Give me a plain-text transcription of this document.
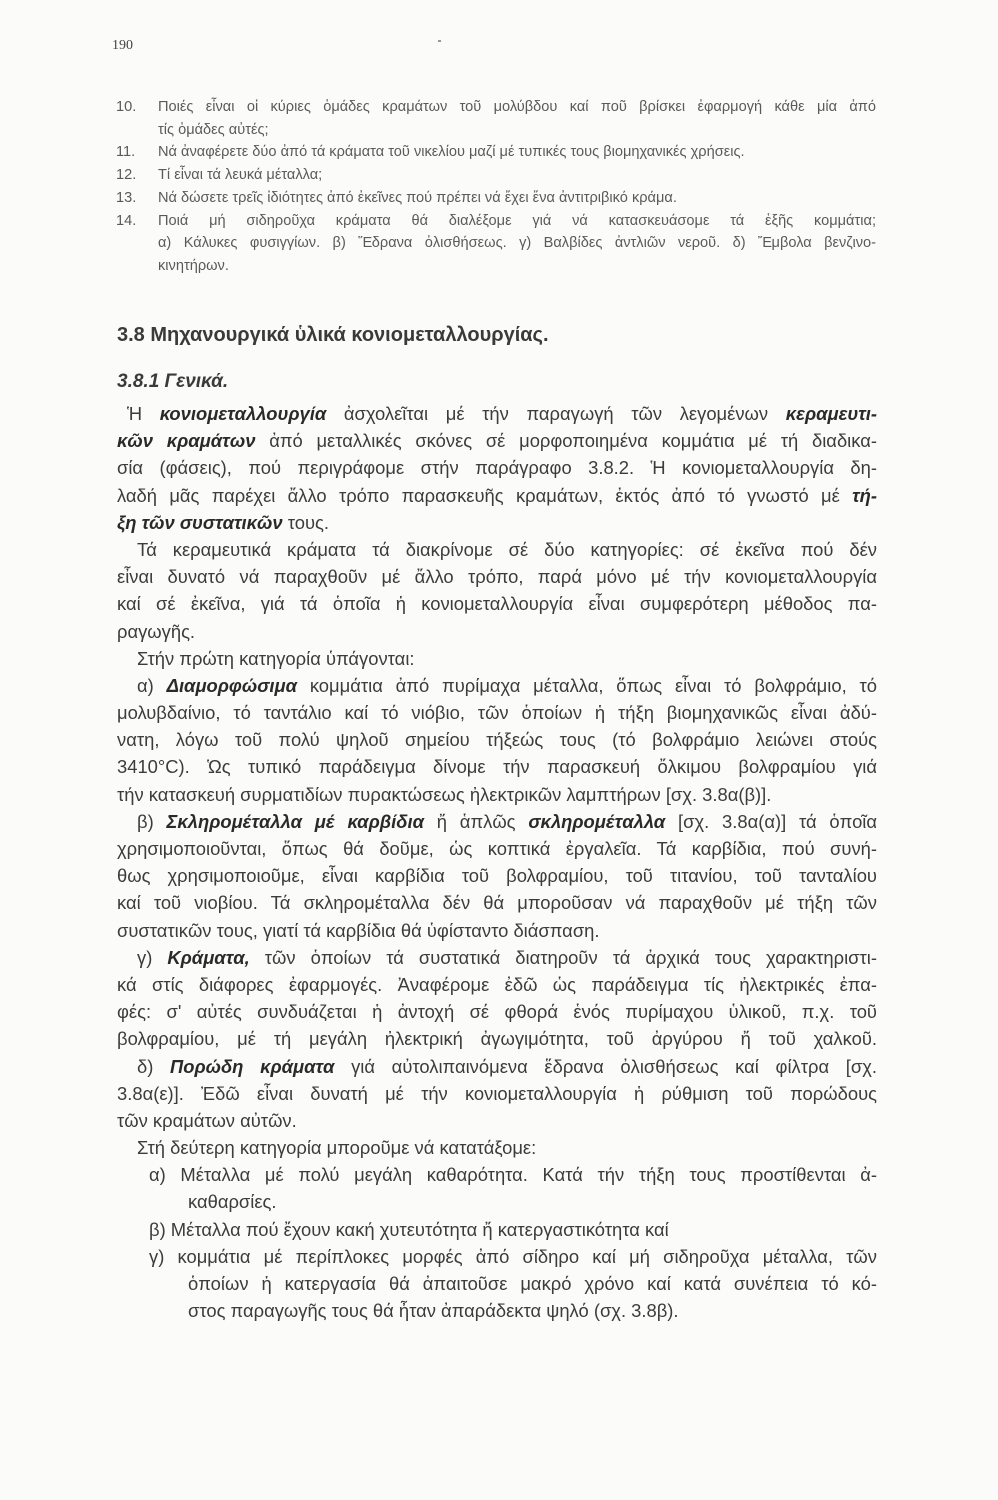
190
10. Ποιές εἶναι οἱ κύριες ὁμάδες κραμάτων τοῦ μολύβδου καί ποῦ βρίσκει ἐφαρμογή κάθε μία ἀπό
τίς ὁμάδες αὐτές;
11. Νά ἀναφέρετε δύο ἀπό τά κράματα τοῦ νικελίου μαζί μέ τυπικές τους βιομηχανικές χρήσεις.
12. Τί εἶναι τά λευκά μέταλλα;
13. Νά δώσετε τρεῖς ἰδιότητες ἀπό ἐκεῖνες πού πρέπει νά ἔχει ἕνα ἀντιτριβικό κράμα.
14. Ποιά μή σιδηροῦχα κράματα θά διαλέξομε γιά νά κατασκευάσομε τά ἑξῆς κομμάτια;
α) Κάλυκες φυσιγγίων. β) Ἕδρανα ὀλισθήσεως. γ) Βαλβίδες ἀντλιῶν νεροῦ. δ) Ἔμβολα βενζινο-
κινητήρων.
3.8 Μηχανουργικά ὑλικά κονιομεταλλουργίας.
3.8.1 Γενικά.
Ἡ κονιομεταλλουργία ἀσχολεῖται μέ τήν παραγωγή τῶν λεγομένων κεραμευτι-
κῶν κραμάτων ἀπό μεταλλικές σκόνες σέ μορφοποιημένα κομμάτια μέ τή διαδικα-
σία (φάσεις), πού περιγράφομε στήν παράγραφο 3.8.2. Ἡ κονιομεταλλουργία δη-
λαδή μᾶς παρέχει ἄλλο τρόπο παρασκευῆς κραμάτων, ἐκτός ἀπό τό γνωστό μέ τή-
ξη τῶν συστατικῶν τους.
Τά κεραμευτικά κράματα τά διακρίνομε σέ δύο κατηγορίες: σέ ἐκεῖνα πού δέν
εἶναι δυνατό νά παραχθοῦν μέ ἄλλο τρόπο, παρά μόνο μέ τήν κονιομεταλλουργία
καί σέ ἐκεῖνα, γιά τά ὁποῖα ἡ κονιομεταλλουργία εἶναι συμφερότερη μέθοδος πα-
ραγωγῆς.
Στήν πρώτη κατηγορία ὑπάγονται:
α) Διαμορφώσιμα κομμάτια ἀπό πυρίμαχα μέταλλα, ὅπως εἶναι τό βολφράμιο, τό
μολυβδαίνιο, τό ταντάλιο καί τό νιόβιο, τῶν ὁποίων ἡ τήξη βιομηχανικῶς εἶναι ἀδύ-
νατη, λόγω τοῦ πολύ ψηλοῦ σημείου τήξεώς τους (τό βολφράμιο λειώνει στούς
3410°C). Ὡς τυπικό παράδειγμα δίνομε τήν παρασκευή ὄλκιμου βολφραμίου γιά
τήν κατασκευή συρματιδίων πυρακτώσεως ἠλεκτρικῶν λαμπτήρων [σχ. 3.8α(β)].
β) Σκληρομέταλλα μέ καρβίδια ἤ ἁπλῶς σκληρομέταλλα [σχ. 3.8α(α)] τά ὁποῖα
χρησιμοποιοῦνται, ὅπως θά δοῦμε, ὡς κοπτικά ἐργαλεῖα. Τά καρβίδια, πού συνή-
θως χρησιμοποιοῦμε, εἶναι καρβίδια τοῦ βολφραμίου, τοῦ τιτανίου, τοῦ τανταλίου
καί τοῦ νιοβίου. Τά σκληρομέταλλα δέν θά μποροῦσαν νά παραχθοῦν μέ τήξη τῶν
συστατικῶν τους, γιατί τά καρβίδια θά ὑφίσταντο διάσπαση.
γ) Κράματα, τῶν ὁποίων τά συστατικά διατηροῦν τά ἀρχικά τους χαρακτηριστι-
κά στίς διάφορες ἐφαρμογές. Ἀναφέρομε ἐδῶ ὡς παράδειγμα τίς ἠλεκτρικές ἐπα-
φές: σ' αὐτές συνδυάζεται ἡ ἀντοχή σέ φθορά ἑνός πυρίμαχου ὑλικοῦ, π.χ. τοῦ
βολφραμίου, μέ τή μεγάλη ἠλεκτρική ἀγωγιμότητα, τοῦ ἀργύρου ἤ τοῦ χαλκοῦ.
δ) Πορώδη κράματα γιά αὐτολιπαινόμενα ἕδρανα ὀλισθήσεως καί φίλτρα [σχ.
3.8α(ε)]. Ἐδῶ εἶναι δυνατή μέ τήν κονιομεταλλουργία ἡ ρύθμιση τοῦ πορώδους
τῶν κραμάτων αὐτῶν.
Στή δεύτερη κατηγορία μποροῦμε νά κατατάξομε:
α) Μέταλλα μέ πολύ μεγάλη καθαρότητα. Κατά τήν τήξη τους προστίθενται ἀ-
καθαρσίες.
β) Μέταλλα πού ἔχουν κακή χυτευτότητα ἤ κατεργαστικότητα καί
γ) κομμάτια μέ περίπλοκες μορφές ἀπό σίδηρο καί μή σιδηροῦχα μέταλλα, τῶν
ὁποίων ἡ κατεργασία θά ἀπαιτοῦσε μακρό χρόνο καί κατά συνέπεια τό κό-
στος παραγωγῆς τους θά ἦταν ἀπαράδεκτα ψηλό (σχ. 3.8β).
